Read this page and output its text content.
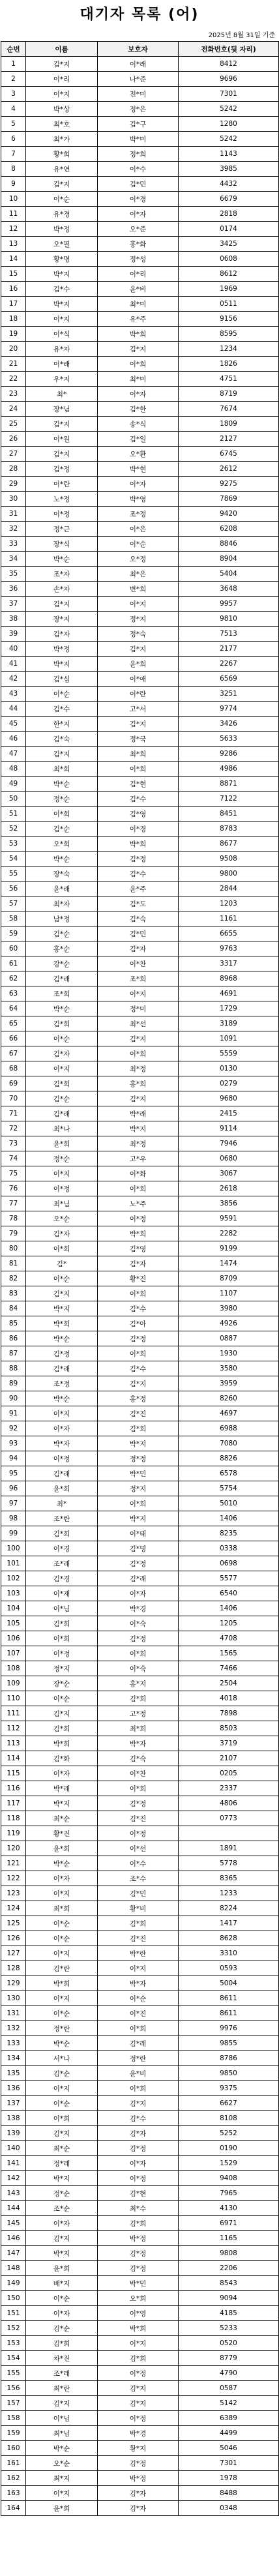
대기자 목록 (어)
2025년 8월 31일 기준
순번	이름	보호자	전화번호(뒷 자리)
1	김*지	이*래	8412
2	이*리	나*준	9696
3	이*지	전*미	7301
4	박*상	정*은	5242
5	최*호	김*구	1280
6	최*가	박*미	5242
7	황*희	정*희	1143
8	유*연	이*수	3985
9	김*지	김*민	4432
10	이*순	이*경	6679
11	유*경	이*자	2818
12	박*정	오*준	0174
13	오*필	홍*화	3425
14	황*명	정*성	0608
15	박*지	이*리	8612
16	김*수	윤*비	1969
17	박*지	최*미	0511
18	이*지	유*주	9156
19	이*식	박*희	8595
20	유*자	김*지	1234
21	이*래	이*희	1826
22	우*지	최*미	4751
23	최*	이*자	8719
24	장*님	김*한	7674
25	김*지	송*식	1809
26	이*원	김*일	2127
27	김*지	오*환	6745
28	김*정	박*현	2612
29	이*란	이*자	9275
30	노*정	박*영	7869
31	이*정	조*정	9420
32	정*근	이*은	6208
33	장*식	이*순	8846
34	박*순	오*정	8904
35	조*자	최*은	5404
36	손*자	변*희	3648
37	김*지	이*지	9957
38	장*지	정*지	9810
39	김*자	정*숙	7513
40	박*정	김*지	2177
41	박*지	윤*희	2267
42	김*심	이*애	6569
43	이*순	이*란	3251
44	김*수	고*서	9774
45	한*지	김*지	3426
46	김*숙	정*국	5633
47	김*지	최*희	9286
48	최*희	이*희	4986
49	박*순	김*현	8871
50	정*순	김*수	7122
51	이*희	김*영	8451
52	김*순	이*경	8783
53	오*희	박*희	8677
54	박*순	김*정	9508
55	장*숙	김*수	9800
56	윤*래	윤*주	2844
57	최*자	김*도	1203
58	남*정	김*숙	1161
59	김*순	김*민	6655
60	홍*순	김*자	9763
61	강*순	이*찬	3317
62	김*래	조*희	8968
63	조*희	이*지	4691
64	박*순	정*미	1729
65	김*희	최*선	3189
66	이*순	김*지	1091
67	김*자	이*희	5559
68	이*지	최*정	0130
69	김*희	홍*희	0279
70	김*순	김*지	9680
71	김*래	박*래	2415
72	최*나	박*지	9114
73	윤*희	최*정	7946
74	정*순	고*우	0680
75	이*지	이*화	3067
76	이*정	이*희	2618
77	최*님	노*주	3856
78	오*순	이*정	9591
79	김*자	박*희	2282
80	이*희	김*영	9199
81	김*	김*자	1474
82	이*순	황*진	8709
83	김*지	이*희	1107
84	박*지	김*수	3980
85	박*희	김*아	4926
86	박*순	김*정	0887
87	김*정	이*희	1930
88	김*래	김*수	3580
89	조*정	김*지	3959
90	박*순	홍*정	8260
91	이*지	김*진	4697
92	이*자	김*희	6988
93	박*자	박*지	7080
94	이*정	정*정	8826
95	김*래	박*민	6578
96	윤*희	정*지	5754
97	최*	이*희	5010
98	조*란	박*지	1406
99	김*희	이*태	8235
100	이*경	김*명	0338
101	조*래	김*정	0698
102	김*경	김*래	5577
103	이*재	이*자	6540
104	이*님	박*경	1406
105	김*희	이*숙	1205
106	이*희	김*정	4708
107	이*정	이*희	1565
108	정*지	이*숙	7466
109	장*순	홍*지	2504
110	이*순	김*희	4018
111	김*지	고*정	7898
112	김*희	최*희	8503
113	박*희	박*자	3719
114	김*화	김*숙	2107
115	이*자	이*찬	0205
116	박*래	이*희	2337
117	박*지	김*정	4806
118	최*순	김*진	0773
119	황*진	이*정	
120	윤*희	이*선	1891
121	박*순	이*수	5778
122	이*자	조*수	8365
123	이*지	김*민	1233
124	최*희	황*비	8224
125	이*순	김*희	1417
126	이*순	김*진	8628
127	이*지	박*란	3310
128	김*란	이*지	0593
129	박*희	박*자	5004
130	이*지	이*순	8611
131	이*순	이*진	8611
132	정*란	이*희	9976
133	박*순	김*래	9855
134	서*나	정*란	8786
135	김*순	윤*비	9850
136	이*지	이*희	9375
137	이*순	김*지	6627
138	이*희	김*수	8108
139	김*지	김*자	5252
140	최*순	김*정	0190
141	정*래	이*자	1529
142	박*지	이*정	9408
143	정*순	김*현	7965
144	조*순	최*수	4130
145	이*자	김*희	6971
146	김*지	박*정	1165
147	박*지	김*정	9808
148	윤*희	김*정	2206
149	배*지	박*민	8543
150	이*순	오*희	9094
151	이*자	이*영	4185
152	김*순	박*희	5233
153	김*희	이*지	0520
154	차*진	김*희	8779
155	조*래	이*정	4790
156	최*란	김*지	0587
157	김*지	김*지	5142
158	이*님	이*정	6389
159	최*님	박*경	4499
160	박*순	황*지	5046
161	오*순	김*정	7301
162	최*지	박*정	1978
163	이*지	김*자	8488
164	윤*희	김*자	0348
